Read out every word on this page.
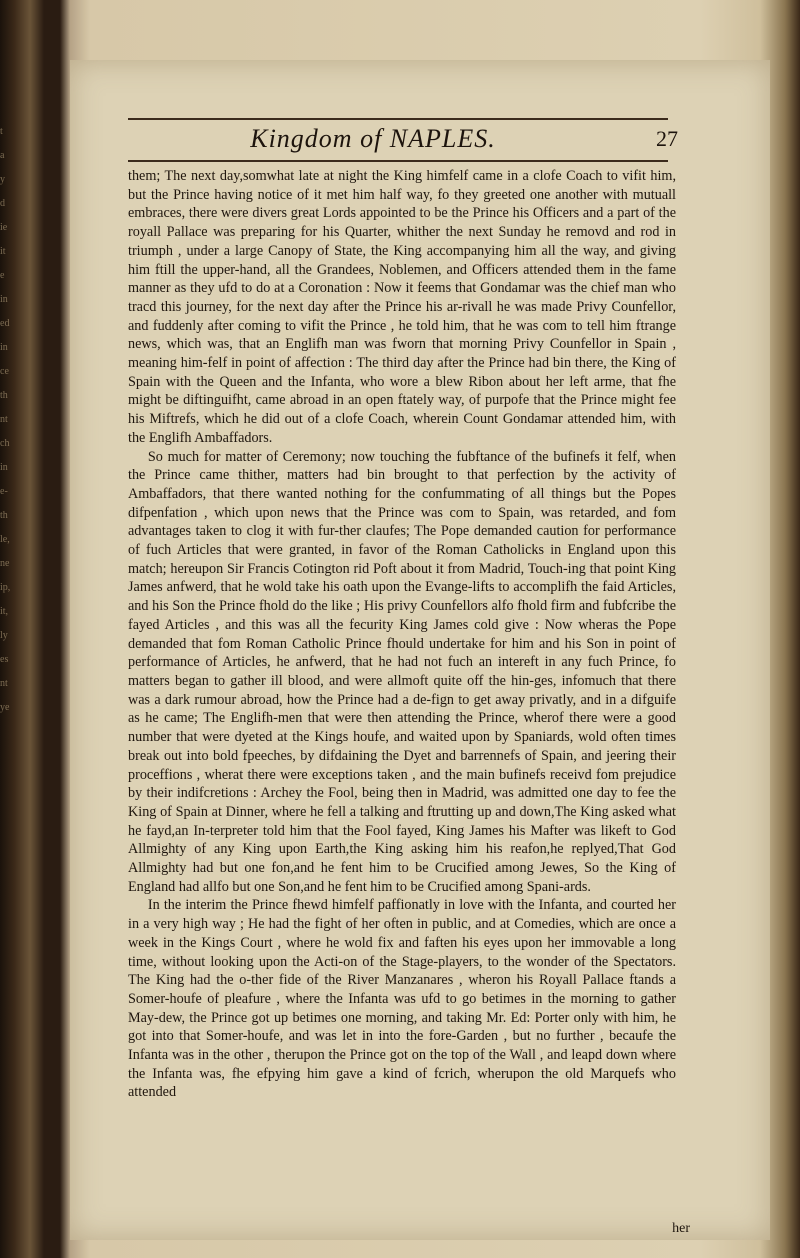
t
a
y
d
ie
it
e
in
ed
in
ce
th
nt
ch
in
e-
th
le,
ne
ip,
it,
ly
es
nt
ye
Kingdom of NAPLES.	27

them; The next day,somwhat late at night the King himfelf came in a clofe Coach to vifit him, but the Prince having notice of it met him half way, fo they greeted one another with mutuall embraces, there were divers great Lords appointed to be the Prince his Officers and a part of the royall Pallace was preparing for his Quarter, whither the next Sunday he removd and rod in triumph , under a large Canopy of State, the King accompanying him all the way, and giving him ftill the upper-hand, all the Grandees, Noblemen, and Officers attended them in the fame manner as they ufd to do at a Coronation : Now it feems that Gondamar was the chief man who tracd this journey, for the next day after the Prince his ar-rivall he was made Privy Counfellor, and fuddenly after coming to vifit the Prince , he told him, that he was com to tell him ftrange news, which was, that an Englifh man was fworn that morning Privy Counfellor in Spain , meaning him-felf in point of affection : The third day after the Prince had bin there, the King of Spain with the Queen and the Infanta, who wore a blew Ribon about her left arme, that fhe might be diftinguifht, came abroad in an open ftately way, of purpofe that the Prince might fee his Miftrefs, which he did out of a clofe Coach, wherein Count Gondamar attended him, with the Englifh Ambaffadors.

So much for matter of Ceremony; now touching the fubftance of the bufinefs it felf, when the Prince came thither, matters had bin brought to that perfection by the activity of Ambaffadors, that there wanted nothing for the confummating of all things but the Popes difpenfation , which upon news that the Prince was com to Spain, was retarded, and fom advantages taken to clog it with fur-ther claufes; The Pope demanded caution for performance of fuch Articles that were granted, in favor of the Roman Catholicks in England upon this match; hereupon Sir Francis Cotington rid Poft about it from Madrid, Touch-ing that point King James anfwerd, that he wold take his oath upon the Evange-lifts to accomplifh the faid Articles, and his Son the Prince fhold do the like ; His privy Counfellors alfo fhold firm and fubfcribe the fayed Articles , and this was all the fecurity King James cold give : Now wheras the Pope demanded that fom Roman Catholic Prince fhould undertake for him and his Son in point of performance of Articles, he anfwerd, that he had not fuch an intereft in any fuch Prince, fo matters began to gather ill blood, and were allmoft quite off the hin-ges, infomuch that there was a dark rumour abroad, how the Prince had a de-fign to get away privatly, and in a difguife as he came; The Englifh-men that were then attending the Prince, wherof there were a good number that were dyeted at the Kings houfe, and waited upon by Spaniards, wold often times break out into bold fpeeches, by difdaining the Dyet and barrennefs of Spain, and jeering their proceffions , wherat there were exceptions taken , and the main bufinefs receivd fom prejudice by their indifcretions : Archey the Fool, being then in Madrid, was admitted one day to fee the King of Spain at Dinner, where he fell a talking and ftrutting up and down,The King asked what he fayd,an In-terpreter told him that the Fool fayed, King James his Mafter was likeft to God Allmighty of any King upon Earth,the King asking him his reafon,he replyed,That God Allmighty had but one fon,and he fent him to be Crucified among Jewes, So the King of England had allfo but one Son,and he fent him to be Crucified among Spani-ards.

In the interim the Prince fhewd himfelf paffionatly in love with the Infanta, and courted her in a very high way ; He had the fight of her often in public, and at Comedies, which are once a week in the Kings Court , where he wold fix and faften his eyes upon her immovable a long time, without looking upon the Acti-on of the Stage-players, to the wonder of the Spectators. The King had the o-ther fide of the River Manzanares , wheron his Royall Pallace ftands a Somer-houfe of pleafure , where the Infanta was ufd to go betimes in the morning to gather May-dew, the Prince got up betimes one morning, and taking Mr. Ed: Porter only with him, he got into that Somer-houfe, and was let in into the fore-Garden , but no further , becaufe the Infanta was in the other , therupon the Prince got on the top of the Wall , and leapd down where the Infanta was, fhe efpying him gave a kind of fcrich, wherupon the old Marquefs who attended

her
